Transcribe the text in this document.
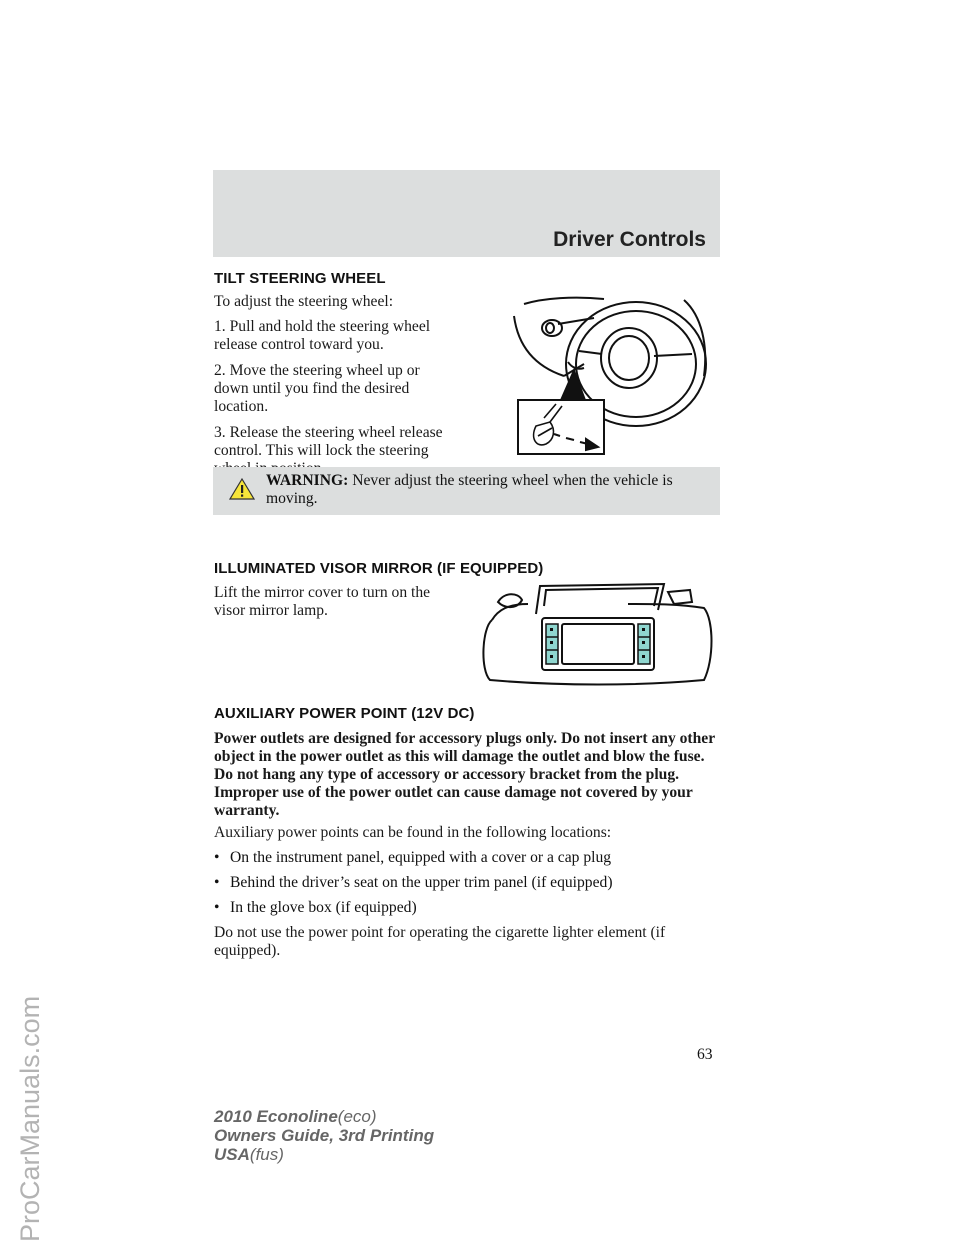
ProCarManuals.com
Driver Controls
TILT STEERING WHEEL
To adjust the steering wheel:
1. Pull and hold the steering wheel release control toward you.
2. Move the steering wheel up or down until you find the desired location.
3. Release the steering wheel release control. This will lock the steering
WARNING: Never adjust the steering wheel when the vehicle is moving.
ILLUMINATED VISOR MIRROR (IF EQUIPPED)
Lift the mirror cover to turn on the visor mirror lamp.
AUXILIARY POWER POINT (12V DC)
Power outlets are designed for accessory plugs only. Do not insert any other object in the power outlet as this will damage the outlet and blow the fuse. Do not hang any type of accessory or accessory bracket from the plug. Improper use of the power outlet can cause damage not covered by your warranty.
Auxiliary power points can be found in the following locations:
• On the instrument panel, equipped with a cover or a cap plug
• Behind the driver’s seat on the upper trim panel (if equipped)
• In the glove box (if equipped)
Do not use the power point for operating the cigarette lighter element (if equipped).
63
2010 Econoline(eco)
Owners Guide, 3rd Printing
USA(fus)
